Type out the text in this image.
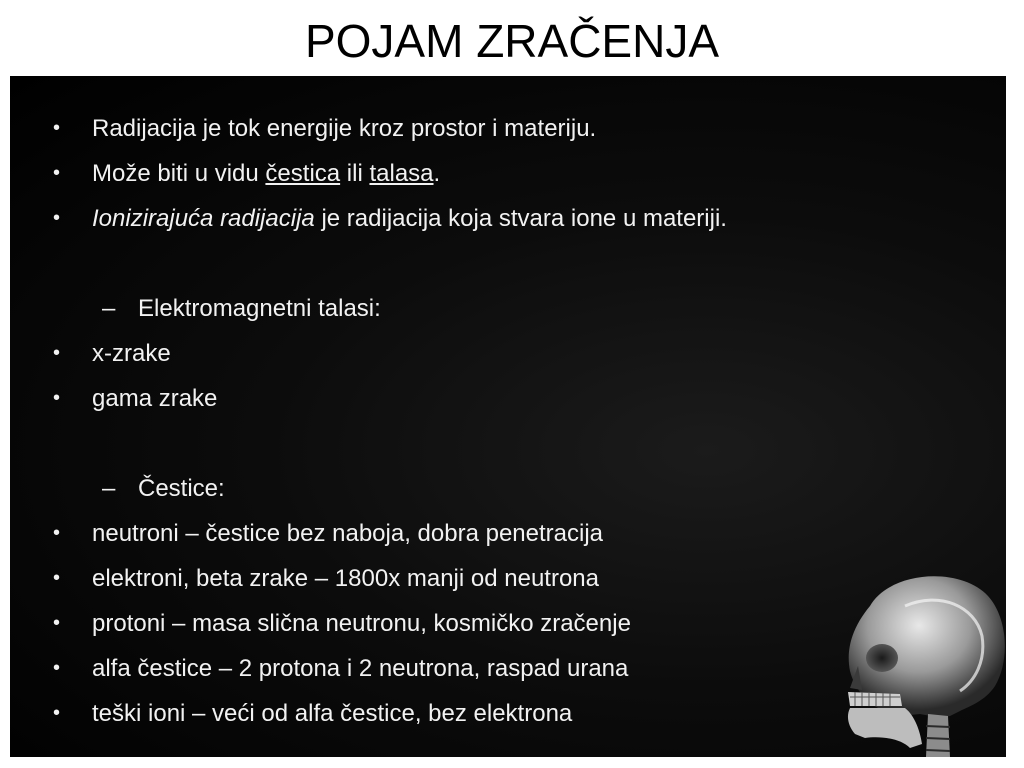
POJAM ZRAČENJA
• Radijacija je tok energije kroz prostor i materiju.
• Može biti u vidu čestica ili talasa.
• Ionizirajuća radijacija je radijacija koja stvara ione u materiji.
– Elektromagnetni talasi:
• x-zrake
• gama zrake
– Čestice:
• neutroni – čestice bez naboja, dobra penetracija
• elektroni, beta zrake – 1800x manji od neutrona
• protoni – masa slična neutronu, kosmičko zračenje
• alfa čestice – 2 protona i 2 neutrona, raspad urana
• teški ioni – veći od alfa čestice, bez elektrona
